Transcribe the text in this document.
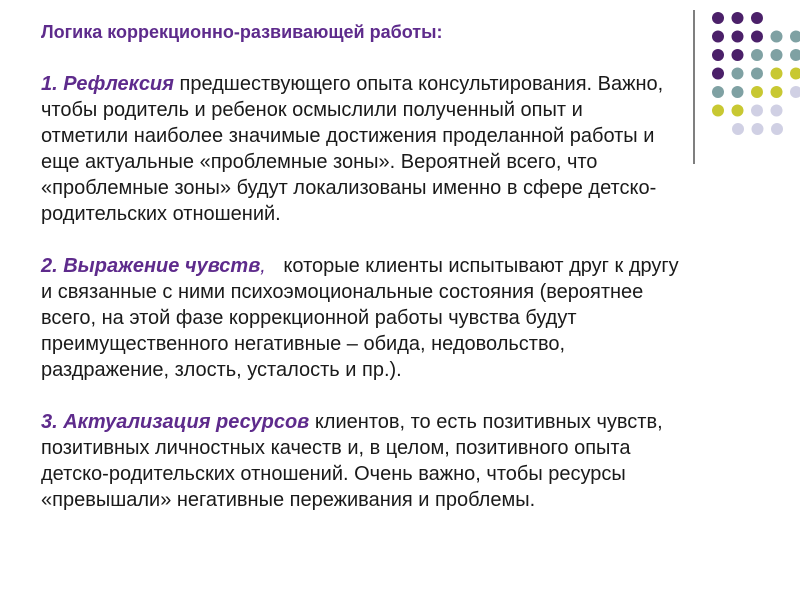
Логика коррекционно-развивающей работы:
1. Рефлексия предшествующего опыта консультирования. Важно,
чтобы родитель и ребенок осмыслили полученный опыт и
отметили наиболее значимые достижения проделанной работы и
еще актуальные «проблемные зоны». Вероятней всего, что
«проблемные зоны» будут локализованы именно в сфере детско-
родительских отношений.
2. Выражение чувств, которые клиенты испытывают друг к другу
и связанные с ними психоэмоциональные состояния (вероятнее
всего, на этой фазе коррекционной работы чувства будут
преимущественного негативные – обида, недовольство,
раздражение, злость, усталость и пр.).
3. Актуализация ресурсов клиентов, то есть позитивных чувств,
позитивных личностных качеств и, в целом, позитивного опыта
детско-родительских отношений. Очень важно, чтобы ресурсы
«превышали» негативные переживания и проблемы.
